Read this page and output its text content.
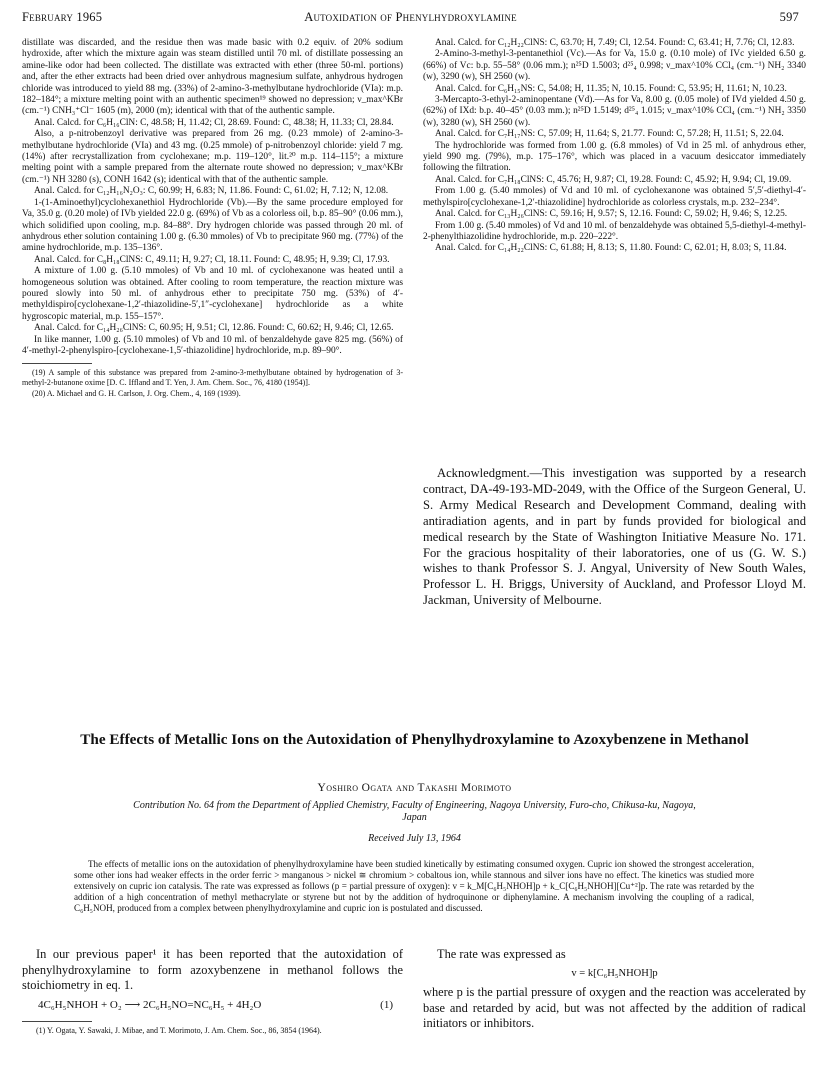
February 1965	Autoxidation of Phenylhydroxylamine	597

distillate was discarded, and the residue then was made basic with 0.2 equiv. of 20% sodium hydroxide, after which the mixture again was steam distilled until 70 ml. of distillate possessing an amine-like odor had been collected. The distillate was extracted with ether (three 50-ml. portions) and, after the ether extracts had been dried over anhydrous magnesium sulfate, anhydrous hydrogen chloride was introduced to yield 88 mg. (33%) of 2-amino-3-methylbutane hydrochloride (VIa): m.p. 182–184°; a mixture melting point with an authentic specimen¹⁹ showed no depression; ν_max^KBr (cm.⁻¹) CNH₃⁺Cl⁻ 1605 (m), 2000 (m); identical with that of the authentic sample.

Anal. Calcd. for C₆H₁₆ClN: C, 48.58; H, 11.42; Cl, 28.69. Found: C, 48.38; H, 11.33; Cl, 28.84.

Also, a p-nitrobenzoyl derivative was prepared from 26 mg. (0.23 mmole) of 2-amino-3-methylbutane hydrochloride (VIa) and 43 mg. (0.25 mmole) of p-nitrobenzoyl chloride: yield 7 mg. (14%) after recrystallization from cyclohexane; m.p. 119–120°, lit.²⁰ m.p. 114–115°; a mixture melting point with a sample prepared from the alternate route showed no depression; ν_max^KBr (cm.⁻¹) NH 3280 (s), CONH 1642 (s); identical with that of the authentic sample.

Anal. Calcd. for C₁₂H₁₆N₂O₃: C, 60.99; H, 6.83; N, 11.86. Found: C, 61.02; H, 7.12; N, 12.08.

1-(1-Aminoethyl)cyclohexanethiol Hydrochloride (Vb).—By the same procedure employed for Va, 35.0 g. (0.20 mole) of IVb yielded 22.0 g. (69%) of Vb as a colorless oil, b.p. 85–90° (0.06 mm.), which solidified upon cooling, m.p. 84–88°. Dry hydrogen chloride was passed through 20 ml. of anhydrous ether solution containing 1.00 g. (6.30 mmoles) of Vb to precipitate 960 mg. (77%) of the amine hydrochloride, m.p. 135–136°.

Anal. Calcd. for C₈H₁₈ClNS: C, 49.11; H, 9.27; Cl, 18.11. Found: C, 48.95; H, 9.39; Cl, 17.93.

A mixture of 1.00 g. (5.10 mmoles) of Vb and 10 ml. of cyclohexanone was heated until a homogeneous solution was obtained. After cooling to room temperature, the reaction mixture was poured slowly into 50 ml. of anhydrous ether to precipitate 750 mg. (53%) of 4′-methyldispiro[cyclohexane-1,2′-thiazolidine-5′,1″-cyclohexane] hydrochloride as a white hygroscopic material, m.p. 155–157°.

Anal. Calcd. for C₁₄H₂₆ClNS: C, 60.95; H, 9.51; Cl, 12.86. Found: C, 60.62; H, 9.46; Cl, 12.65.

In like manner, 1.00 g. (5.10 mmoles) of Vb and 10 ml. of benzaldehyde gave 825 mg. (56%) of 4′-methyl-2-phenylspiro-[cyclohexane-1,5′-thiazolidine] hydrochloride, m.p. 89–90°.

(19) A sample of this substance was prepared from 2-amino-3-methylbutane obtained by hydrogenation of 3-methyl-2-butanone oxime [D. C. Iffland and T. Yen, J. Am. Chem. Soc., 76, 4180 (1954)].

(20) A. Michael and G. H. Carlson, J. Org. Chem., 4, 169 (1939).

Anal. Calcd. for C₁₂H₂₂ClNS: C, 63.70; H, 7.49; Cl, 12.54. Found: C, 63.41; H, 7.76; Cl, 12.83.

2-Amino-3-methyl-3-pentanethiol (Vc).—As for Va, 15.0 g. (0.10 mole) of IVc yielded 6.50 g. (66%) of Vc: b.p. 55–58° (0.06 mm.); n²⁵D 1.5003; d²⁵₄ 0.998; ν_max^10% CCl₄ (cm.⁻¹) NH₂ 3340 (w), 3290 (w), SH 2560 (w).

Anal. Calcd. for C₆H₁₅NS: C, 54.08; H, 11.35; N, 10.15. Found: C, 53.95; H, 11.61; N, 10.23.

3-Mercapto-3-ethyl-2-aminopentane (Vd).—As for Va, 8.00 g. (0.05 mole) of IVd yielded 4.50 g. (62%) of IXd: b.p. 40–45° (0.03 mm.); n²⁵D 1.5149; d²⁵₄ 1.015; ν_max^10% CCl₄ (cm.⁻¹) NH₂ 3350 (w), 3280 (w), SH 2560 (w).

Anal. Calcd. for C₇H₁₇NS: C, 57.09; H, 11.64; S, 21.77. Found: C, 57.28; H, 11.51; S, 22.04.

The hydrochloride was formed from 1.00 g. (6.8 mmoles) of Vd in 25 ml. of anhydrous ether, yield 990 mg. (79%), m.p. 175–176°, which was placed in a vacuum desiccator immediately following the filtration.

Anal. Calcd. for C₇H₁₈ClNS: C, 45.76; H, 9.87; Cl, 19.28. Found: C, 45.92; H, 9.94; Cl, 19.09.

From 1.00 g. (5.40 mmoles) of Vd and 10 ml. of cyclohexanone was obtained 5′,5′-diethyl-4′-methylspiro[cyclohexane-1,2′-thiazolidine] hydrochloride as colorless crystals, m.p. 232–234°.

Anal. Calcd. for C₁₃H₂₆ClNS: C, 59.16; H, 9.57; S, 12.16. Found: C, 59.02; H, 9.46; S, 12.25.

From 1.00 g. (5.40 mmoles) of Vd and 10 ml. of benzaldehyde was obtained 5,5-diethyl-4-methyl-2-phenylthiazolidine hydrochloride, m.p. 220–222°.

Anal. Calcd. for C₁₄H₂₂ClNS: C, 61.88; H, 8.13; S, 11.80. Found: C, 62.01; H, 8.03; S, 11.84.

Acknowledgment.—This investigation was supported by a research contract, DA-49-193-MD-2049, with the Office of the Surgeon General, U. S. Army Medical Research and Development Command, dealing with antiradiation agents, and in part by funds provided for biological and medical research by the State of Washington Initiative Measure No. 171. For the gracious hospitality of their laboratories, one of us (G. W. S.) wishes to thank Professor S. J. Angyal, University of New South Wales, Professor L. H. Briggs, University of Auckland, and Professor Lloyd M. Jackman, University of Melbourne.

The Effects of Metallic Ions on the Autoxidation of Phenylhydroxylamine to Azoxybenzene in Methanol
Yoshiro Ogata and Takashi Morimoto
Contribution No. 64 from the Department of Applied Chemistry, Faculty of Engineering, Nagoya University, Furo-cho, Chikusa-ku, Nagoya, Japan
Received July 13, 1964

The effects of metallic ions on the autoxidation of phenylhydroxylamine have been studied kinetically by estimating consumed oxygen. Cupric ion showed the strongest acceleration, some other ions had weaker effects in the order ferric > manganous > nickel ≅ chromium > cobaltous ion, while stannous and silver ions have no effect. The kinetics was studied more extensively on cupric ion catalysis. The rate was expressed as follows (p = partial pressure of oxygen): v = k_M[C₆H₅NHOH]p + k_C[C₆H₅NHOH][Cu⁺²]p. The rate was retarded by the addition of a high concentration of methyl methacrylate or styrene but not by the addition of hydroquinone or diphenylamine. A mechanism involving the coupling of a radical, C₆H₅NOH, produced from a complex between phenylhydroxylamine and cupric ion is postulated and discussed.

In our previous paper¹ it has been reported that the autoxidation of phenylhydroxylamine to form azoxybenzene in methanol follows the stoichiometry in eq. 1.

4C₆H₅NHOH + O₂ ⟶ 2C₆H₅NO=NC₆H₅ + 4H₂O	(1)

(1) Y. Ogata, Y. Sawaki, J. Mibae, and T. Morimoto, J. Am. Chem. Soc., 86, 3854 (1964).

The rate was expressed as

v = k[C₆H₅NHOH]p

where p is the partial pressure of oxygen and the reaction was accelerated by base and retarded by acid, but was not affected by the addition of radical initiators or inhibitors.
